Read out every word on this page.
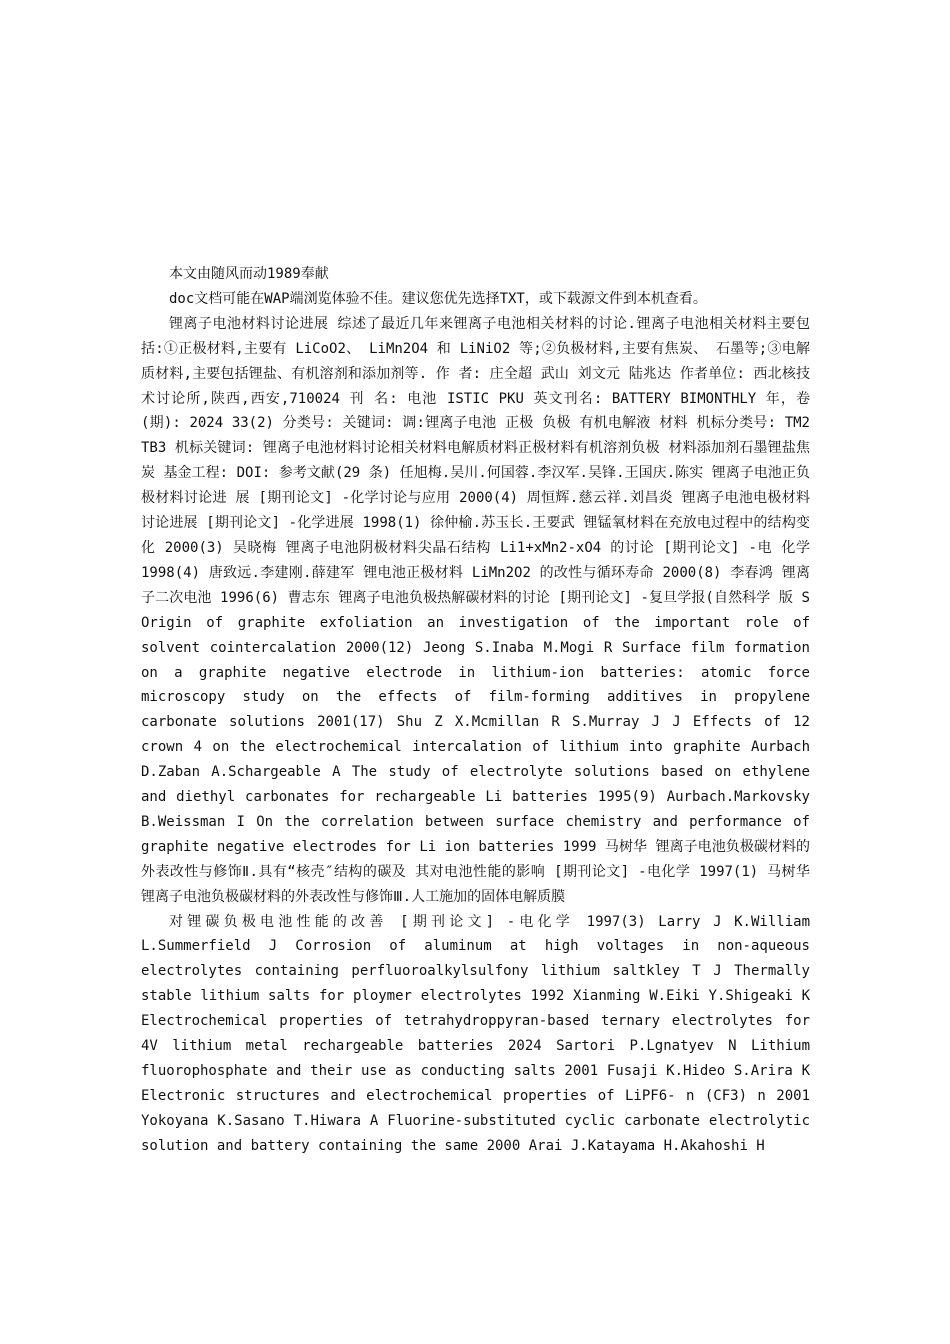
本文由随风而动1989奉献

doc文档可能在WAP端浏览体验不佳。建议您优先选择TXT，或下载源文件到本机查看。

锂离子电池材料讨论进展 综述了最近几年来锂离子电池相关材料的讨论.锂离子电池相关材料主要包 括:①正极材料,主要有 LiCoO2、 LiMn2O4 和 LiNiO2 等;②负极材料,主要有焦炭、 石墨等;③电解质材料,主要包括锂盐、有机溶剂和添加剂等. 作 者: 庄全超 武山 刘文元 陆兆达 作者单位: 西北核技术讨论所,陕西,西安,710024 刊 名: 电池 ISTIC PKU 英文刊名: BATTERY BIMONTHLY 年，卷(期): 2024 33(2) 分类号: 关键词: 调:锂离子电池 正极 负极 有机电解液 材料 机标分类号: TM2 TB3 机标关键词: 锂离子电池材料讨论相关材料电解质材料正极材料有机溶剂负极 材料添加剂石墨锂盐焦炭 基金工程: DOI: 参考文献(29 条) 任旭梅.吴川.何国蓉.李汉军.吴锋.王国庆.陈实 锂离子电池正负极材料讨论进 展 [期刊论文] -化学讨论与应用 2000(4) 周恒辉.慈云祥.刘昌炎 锂离子电池电极材料讨论进展 [期刊论文] -化学进展 1998(1) 徐仲榆.苏玉长.王要武 锂锰氧材料在充放电过程中的结构变化 2000(3) 吴晓梅 锂离子电池阴极材料尖晶石结构 Li1+xMn2-xO4 的讨论 [期刊论文] -电 化学 1998(4) 唐致远.李建刚.薛建军 锂电池正极材料 LiMn2O2 的改性与循环寿命 2000(8) 李春鸿 锂离子二次电池 1996(6) 曹志东 锂离子电池负极热解碳材料的讨论 [期刊论文] -复旦学报(自然科学 版 S Origin of graphite exfoliation an investigation of the important role of solvent cointercalation 2000(12) Jeong S.Inaba M.Mogi R Surface film formation on a graphite negative electrode in lithium-ion batteries: atomic force microscopy study on the effects of film-forming additives in propylene carbonate solutions 2001(17) Shu Z X.Mcmillan R S.Murray J J Effects of 12 crown 4 on the electrochemical intercalation of lithium into graphite Aurbach D.Zaban A.Schargeable A The study of electrolyte solutions based on ethylene and diethyl carbonates for rechargeable Li batteries 1995(9) Aurbach.Markovsky B.Weissman I On the correlation between surface chemistry and performance of graphite negative electrodes for Li ion batteries 1999 马树华 锂离子电池负极碳材料的外表改性与修饰Ⅱ.具有“核壳″结构的碳及 其对电池性能的影响 [期刊论文] -电化学 1997(1) 马树华 锂离子电池负极碳材料的外表改性与修饰Ⅲ.人工施加的固体电解质膜

对锂碳负极电池性能的改善 [期刊论文] -电化学 1997(3) Larry J K.William L.Summerfield J Corrosion of aluminum at high voltages in non-aqueous electrolytes containing perfluoroalkylsulfony lithium saltkley T J Thermally stable lithium salts for ploymer electrolytes 1992 Xianming W.Eiki Y.Shigeaki K Electrochemical properties of tetrahydroppyran-based ternary electrolytes for 4V lithium metal rechargeable batteries 2024 Sartori P.Lgnatyev N Lithium fluorophosphate and their use as conducting salts 2001 Fusaji K.Hideo S.Arira K Electronic structures and electrochemical properties of LiPF6- n (CF3) n 2001 Yokoyana K.Sasano T.Hiwara A Fluorine-substituted cyclic carbonate electrolytic solution and battery containing the same 2000 Arai J.Katayama H.Akahoshi H
